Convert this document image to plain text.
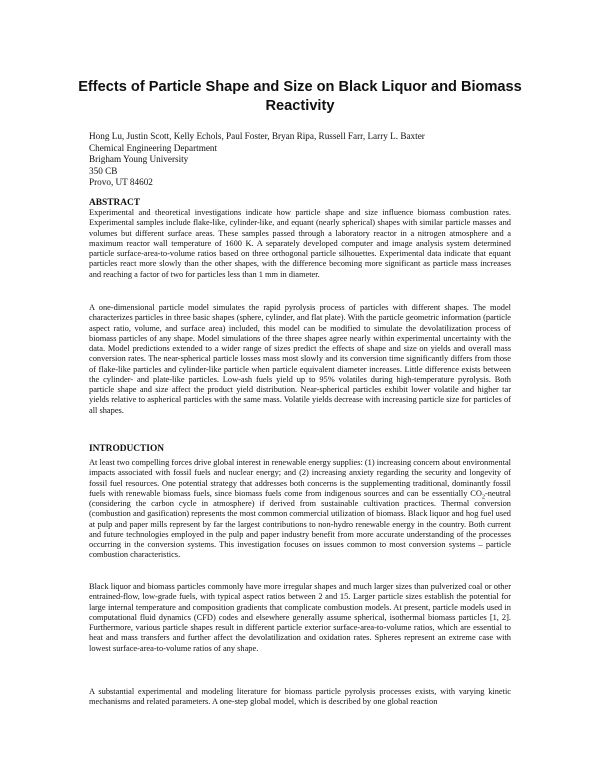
Effects of Particle Shape and Size on Black Liquor and Biomass Reactivity
Hong Lu, Justin Scott, Kelly Echols, Paul Foster, Bryan Ripa, Russell Farr, Larry L. Baxter
Chemical Engineering Department
Brigham Young University
350 CB
Provo, UT 84602
ABSTRACT

Experimental and theoretical investigations indicate how particle shape and size influence biomass combustion rates. Experimental samples include flake-like, cylinder-like, and equant (nearly spherical) shapes with similar particle masses and volumes but different surface areas. These samples passed through a laboratory reactor in a nitrogen atmosphere and a maximum reactor wall temperature of 1600 K. A separately developed computer and image analysis system determined particle surface-area-to-volume ratios based on three orthogonal particle silhouettes. Experimental data indicate that equant particles react more slowly than the other shapes, with the difference becoming more significant as particle mass increases and reaching a factor of two for particles less than 1 mm in diameter.

A one-dimensional particle model simulates the rapid pyrolysis process of particles with different shapes. The model characterizes particles in three basic shapes (sphere, cylinder, and flat plate). With the particle geometric information (particle aspect ratio, volume, and surface area) included, this model can be modified to simulate the devolatilization process of biomass particles of any shape. Model simulations of the three shapes agree nearly within experimental uncertainty with the data. Model predictions extended to a wider range of sizes predict the effects of shape and size on yields and overall mass conversion rates. The near-spherical particle losses mass most slowly and its conversion time significantly differs from those of flake-like particles and cylinder-like particle when particle equivalent diameter increases. Little difference exists between the cylinder- and plate-like particles. Low-ash fuels yield up to 95% volatiles during high-temperature pyrolysis. Both particle shape and size affect the product yield distribution. Near-spherical particles exhibit lower volatile and higher tar yields relative to aspherical particles with the same mass. Volatile yields decrease with increasing particle size for particles of all shapes.

INTRODUCTION

At least two compelling forces drive global interest in renewable energy supplies: (1) increasing concern about environmental impacts associated with fossil fuels and nuclear energy; and (2) increasing anxiety regarding the security and longevity of fossil fuel resources. One potential strategy that addresses both concerns is the supplementing traditional, dominantly fossil fuels with renewable biomass fuels, since biomass fuels come from indigenous sources and can be essentially $CO_2$-neutral (considering the carbon cycle in atmosphere) if derived from sustainable cultivation practices. Thermal conversion (combustion and gasification) represents the most common commercial utilization of biomass. Black liquor and hog fuel used at pulp and paper mills represent by far the largest contributions to non-hydro renewable energy in the country. Both current and future technologies employed in the pulp and paper industry benefit from more accurate understanding of the processes occurring in the conversion systems. This investigation focuses on issues common to most conversion systems – particle combustion characteristics.

Black liquor and biomass particles commonly have more irregular shapes and much larger sizes than pulverized coal or other entrained-flow, low-grade fuels, with typical aspect ratios between 2 and 15. Larger particle sizes establish the potential for large internal temperature and composition gradients that complicate combustion models. At present, particle models used in computational fluid dynamics (CFD) codes and elsewhere generally assume spherical, isothermal biomass particles [1, 2]. Furthermore, various particle shapes result in different particle exterior surface-area-to-volume ratios, which are essential to heat and mass transfers and further affect the devolatilization and oxidation rates. Spheres represent an extreme case with lowest surface-area-to-volume ratios of any shape.

A substantial experimental and modeling literature for biomass particle pyrolysis processes exists, with varying kinetic mechanisms and related parameters. A one-step global model, which is described by one global reaction
